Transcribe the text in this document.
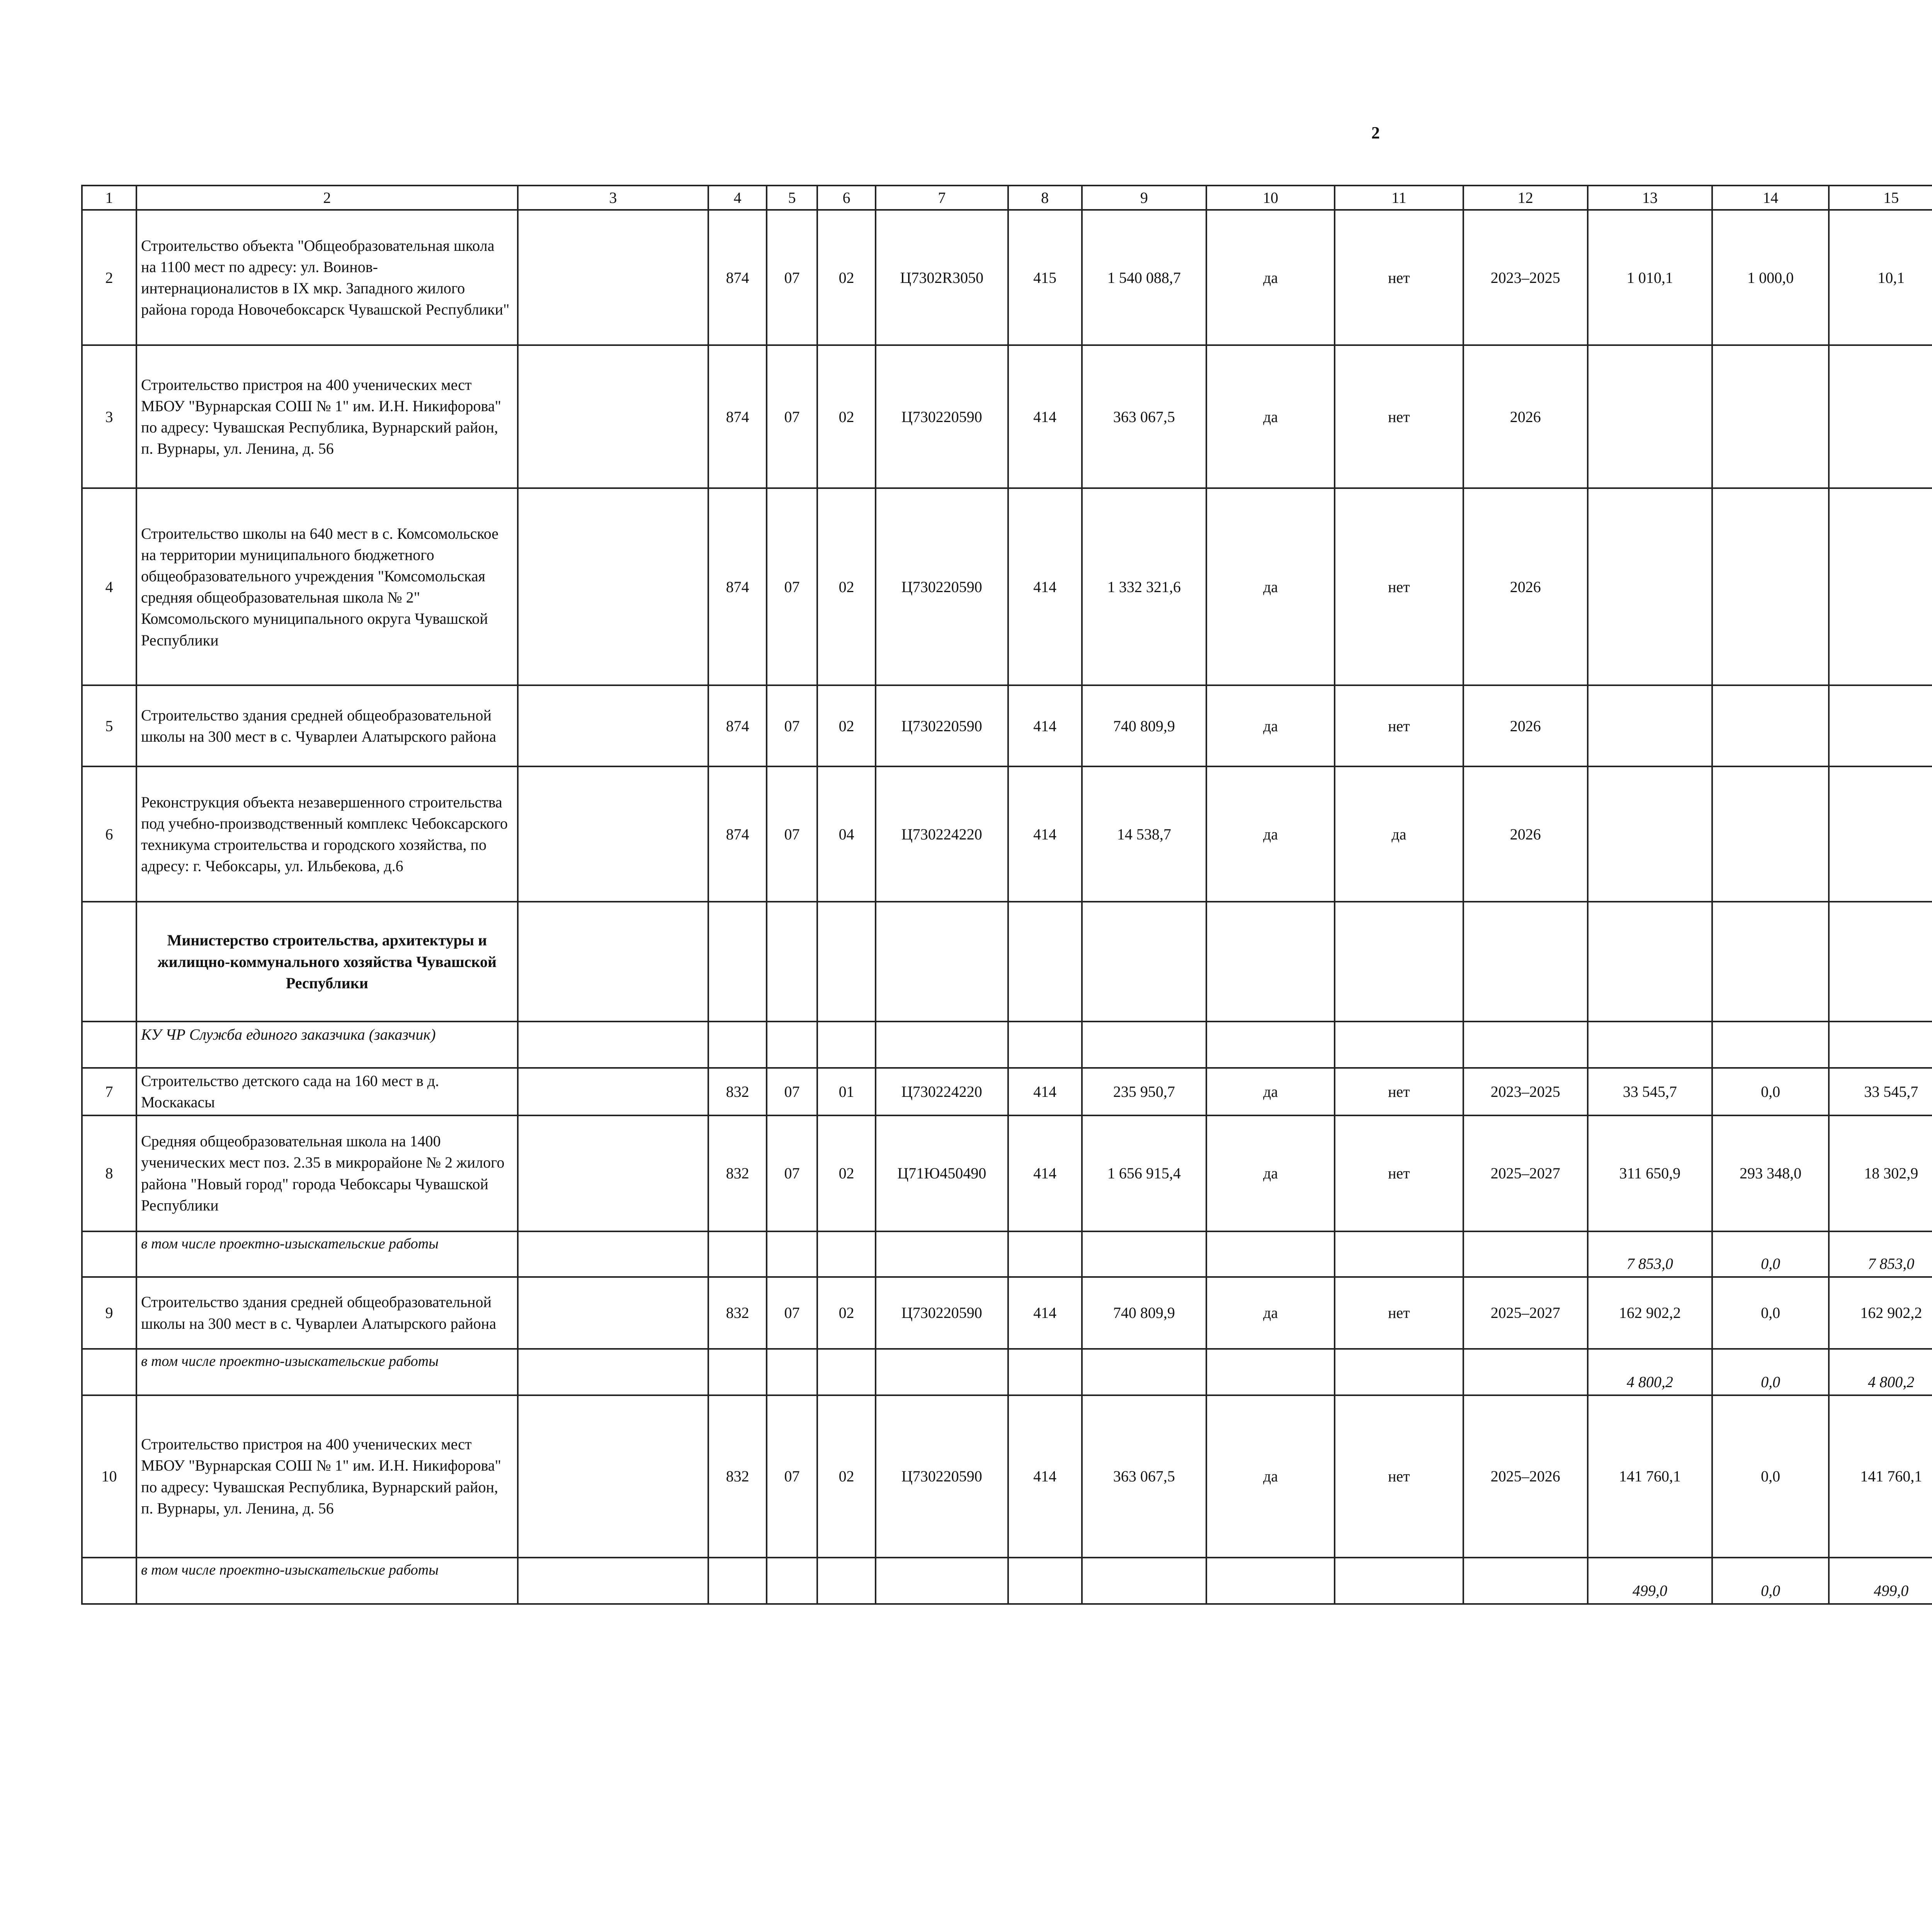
2
1	2	3	4	5	6	7	8	9	10	11	12	13	14	15						
2	Строительство объекта "Общеобразовательная школа на 1100 мест по адресу: ул. Воинов-интернационалистов в IX мкр. Западного жилого района города Новочебоксарск Чувашской Республики"		874	07	02	Ц7302R3050	415	1 540 088,7	да	нет	2023–2025	1 010,1	1 000,0	10,1						
3	Строительство пристроя на 400 ученических мест МБОУ "Вурнарская СОШ № 1" им. И.Н. Никифорова" по адресу: Чувашская Республика, Вурнарский район, п. Вурнары, ул. Ленина, д. 56		874	07	02	Ц730220590	414	363 067,5	да	нет	2026									
4	Строительство школы на 640 мест в с. Комсомольское на территории муниципального бюджетного общеобразовательного учреждения "Комсомольская средняя общеобразовательная школа № 2" Комсомольского муниципального округа Чувашской Республики		874	07	02	Ц730220590	414	1 332 321,6	да	нет	2026									
5	Строительство здания средней общеобразовательной школы на 300 мест в с. Чуварлеи Алатырского района		874	07	02	Ц730220590	414	740 809,9	да	нет	2026									
6	Реконструкция объекта незавершенного строительства под учебно-производственный комплекс Чебоксарского техникума строительства и городского хозяйства, по адресу: г. Чебоксары, ул. Ильбекова, д.6		874	07	04	Ц730224220	414	14 538,7	да	да	2026									
	Министерство строительства, архитектуры и жилищно-коммунального хозяйства Чувашской Республики																			
	КУ ЧР Служба единого заказчика (заказчик)																			
7	Строительство детского сада на 160 мест в д. Москакасы		832	07	01	Ц730224220	414	235 950,7	да	нет	2023–2025	33 545,7	0,0	33 545,7						
8	Средняя общеобразовательная школа на 1400 ученических мест поз. 2.35 в микрорайоне № 2 жилого района "Новый город" города Чебоксары Чувашской Республики		832	07	02	Ц71Ю450490	414	1 656 915,4	да	нет	2025–2027	311 650,9	293 348,0	18 302,9						
	в том числе проектно-изыскательские работы											7 853,0	0,0	7 853,0						
9	Строительство здания средней общеобразовательной школы на 300 мест в с. Чуварлеи Алатырского района		832	07	02	Ц730220590	414	740 809,9	да	нет	2025–2027	162 902,2	0,0	162 902,2						
	в том числе проектно-изыскательские работы											4 800,2	0,0	4 800,2						
10	Строительство пристроя на 400 ученических мест МБОУ "Вурнарская СОШ № 1" им. И.Н. Никифорова" по адресу: Чувашская Республика, Вурнарский район, п. Вурнары, ул. Ленина, д. 56		832	07	02	Ц730220590	414	363 067,5	да	нет	2025–2026	141 760,1	0,0	141 760,1						
	в том числе проектно-изыскательские работы											499,0	0,0	499,0						
